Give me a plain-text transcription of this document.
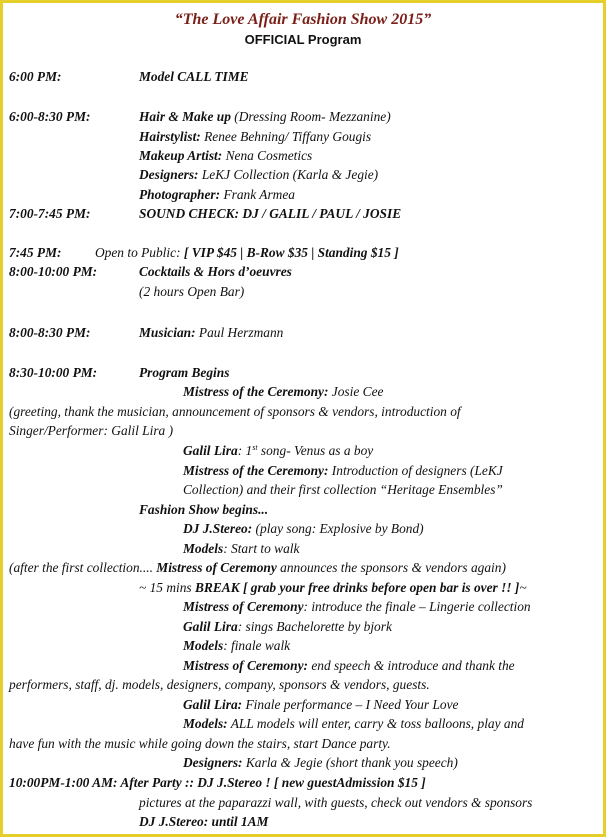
“The Love Affair Fashion Show 2015”
OFFICIAL Program
6:00 PM:	Model CALL TIME
6:00-8:30 PM:	Hair & Make up (Dressing Room- Mezzanine)
Hairstylist: Renee Behning/ Tiffany Gougis
Makeup Artist: Nena Cosmetics
Designers: LeKJ Collection (Karla & Jegie)
Photographer: Frank Armea
7:00-7:45 PM:	SOUND CHECK: DJ / GALIL / PAUL / JOSIE
7:45 PM:	Open to Public: [ VIP $45 | B-Row $35 | Standing $15 ]
8:00-10:00 PM:	Cocktails & Hors d’oeuvres
(2 hours Open Bar)
8:00-8:30 PM:	Musician: Paul Herzmann
8:30-10:00 PM:	Program Begins
Mistress of the Ceremony: Josie Cee
(greeting, thank the musician, announcement of sponsors & vendors, introduction of
Singer/Performer: Galil Lira )
Galil Lira: 1st song- Venus as a boy
Mistress of the Ceremony: Introduction of designers (LeKJ
Collection) and their first collection “Heritage Ensembles”
Fashion Show begins...
DJ J.Stereo: (play song: Explosive by Bond)
Models: Start to walk
(after the first collection.... Mistress of Ceremony announces the sponsors & vendors again)
~ 15 mins BREAK [ grab your free drinks before open bar is over !! ]~
Mistress of Ceremony: introduce the finale – Lingerie collection
Galil Lira: sings Bachelorette by bjork
Models: finale walk
Mistress of Ceremony: end speech & introduce and thank the
performers, staff, dj. models, designers, company, sponsors & vendors, guests.
Galil Lira: Finale performance – I Need Your Love
Models: ALL models will enter, carry & toss balloons, play and
have fun with the music while going down the stairs, start Dance party.
Designers: Karla & Jegie (short thank you speech)
10:00PM-1:00 AM: After Party :: DJ J.Stereo ! [ new guestAdmission $15 ]
pictures at the paparazzi wall, with guests, check out vendors & sponsors
DJ J.Stereo: until 1AM
